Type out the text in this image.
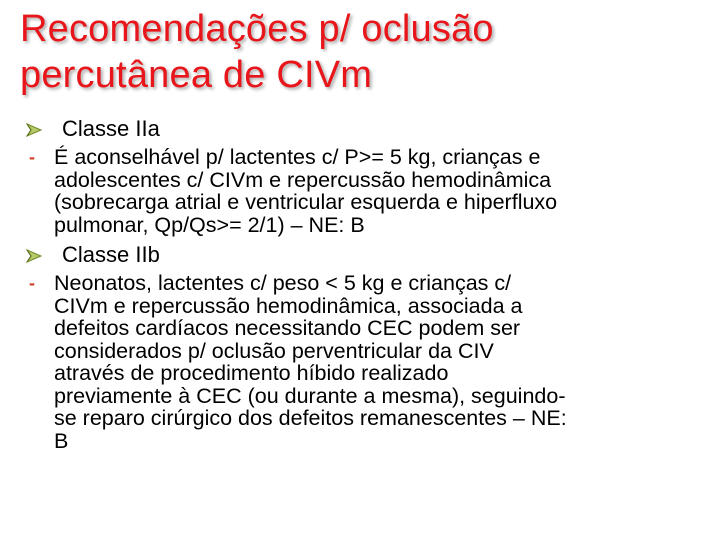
Recomendações p/ oclusão
percutânea de CIVm
Classe IIa
- É aconselhável p/ lactentes c/ P>= 5 kg, crianças e
adolescentes c/ CIVm e repercussão hemodinâmica
(sobrecarga atrial e ventricular esquerda e hiperfluxo
pulmonar, Qp/Qs>= 2/1) – NE: B
Classe IIb
- Neonatos, lactentes c/ peso < 5 kg e crianças c/
CIVm e repercussão hemodinâmica, associada a
defeitos cardíacos necessitando CEC podem ser
considerados p/ oclusão perventricular da CIV
através de procedimento híbido realizado
previamente à CEC (ou durante a mesma), seguindo-
se reparo cirúrgico dos defeitos remanescentes – NE:
B
